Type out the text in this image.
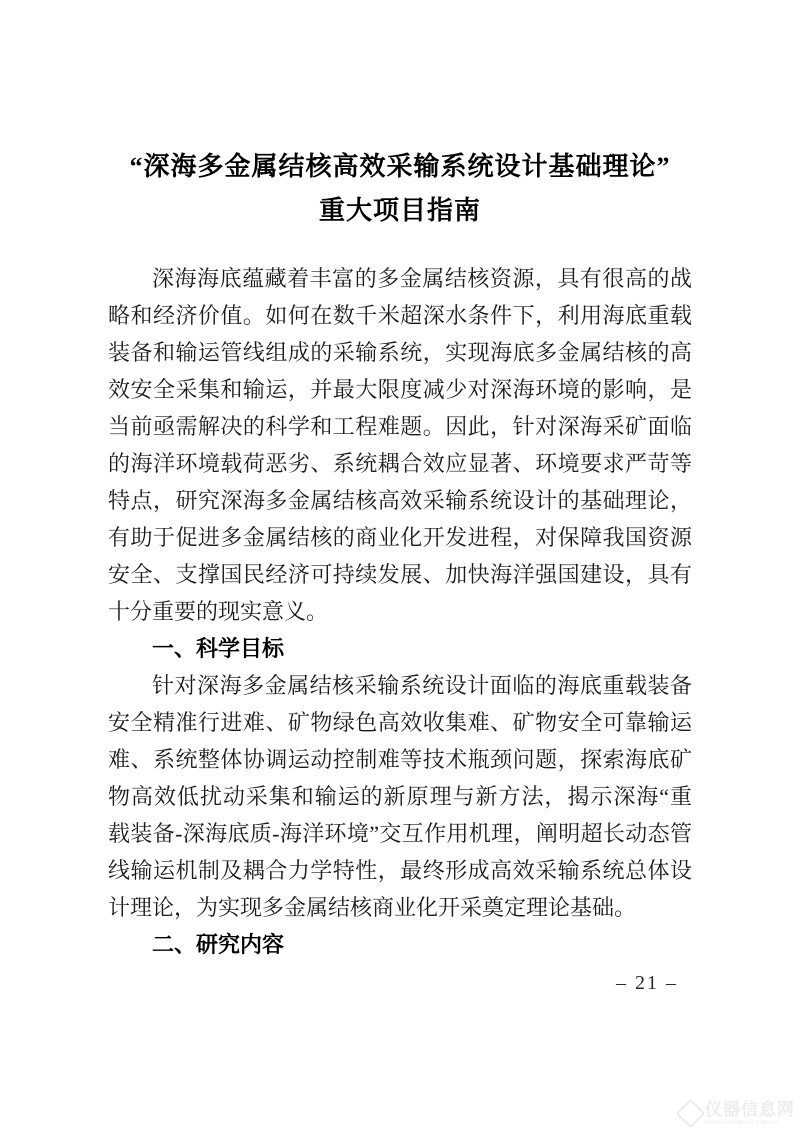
“深海多金属结核高效采输系统设计基础理论”
重大项目指南
深海海底蕴藏着丰富的多金属结核资源，具有很高的战
略和经济价值。如何在数千米超深水条件下，利用海底重载
装备和输运管线组成的采输系统，实现海底多金属结核的高
效安全采集和输运，并最大限度减少对深海环境的影响，是
当前亟需解决的科学和工程难题。因此，针对深海采矿面临
的海洋环境载荷恶劣、系统耦合效应显著、环境要求严苛等
特点，研究深海多金属结核高效采输系统设计的基础理论，
有助于促进多金属结核的商业化开发进程，对保障我国资源
安全、支撑国民经济可持续发展、加快海洋强国建设，具有
十分重要的现实意义。
一、科学目标
针对深海多金属结核采输系统设计面临的海底重载装备
安全精准行进难、矿物绿色高效收集难、矿物安全可靠输运
难、系统整体协调运动控制难等技术瓶颈问题，探索海底矿
物高效低扰动采集和输运的新原理与新方法，揭示深海“重
载装备-深海底质-海洋环境”交互作用机理，阐明超长动态管
线输运机制及耦合力学特性，最终形成高效采输系统总体设
计理论，为实现多金属结核商业化开采奠定理论基础。
二、研究内容
– 21 –
仪器信息网
www.instrument.com.cn
